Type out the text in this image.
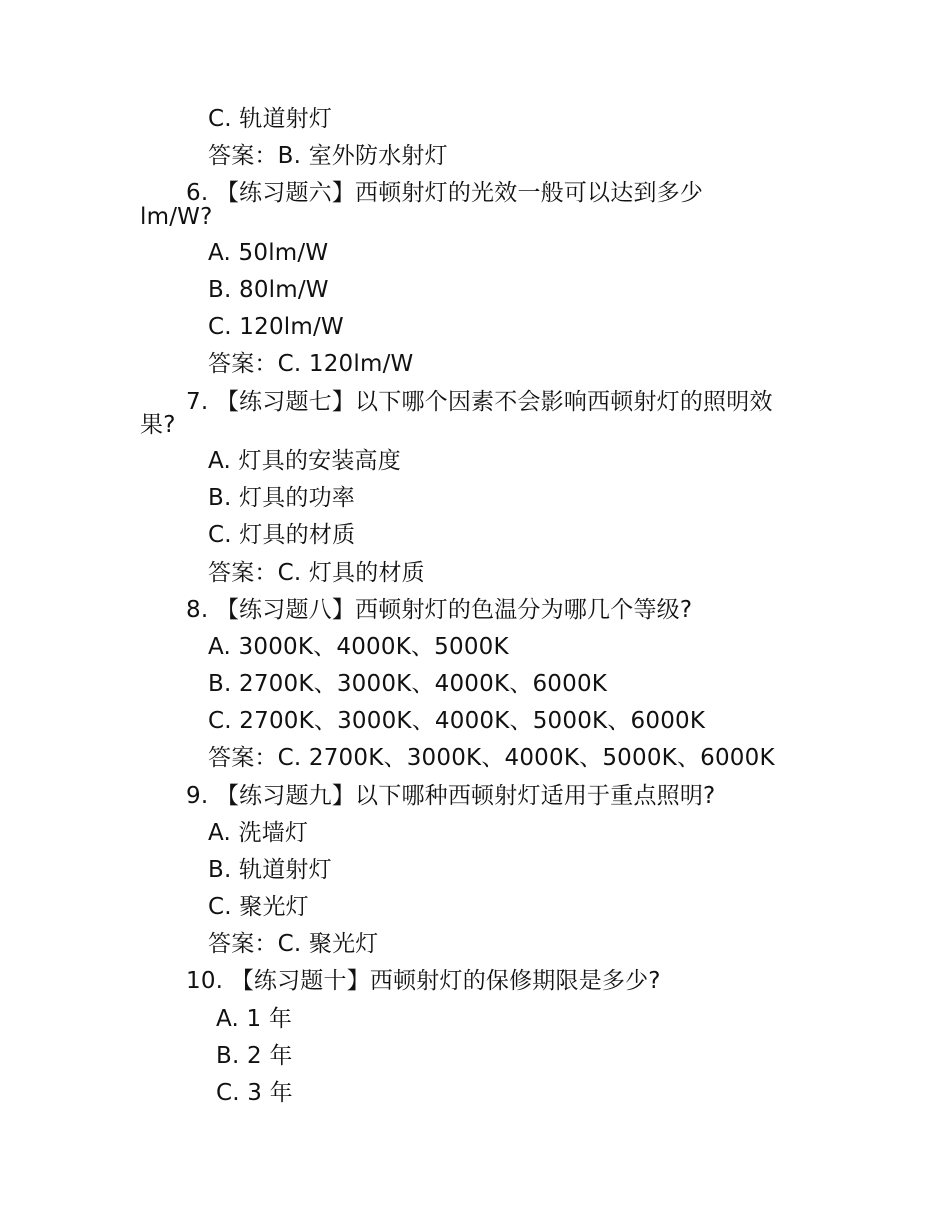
C. 轨道射灯
答案：B. 室外防水射灯
6. 【练习题六】西顿射灯的光效一般可以达到多少
lm/W?
A. 50lm/W
B. 80lm/W
C. 120lm/W
答案：C. 120lm/W
7. 【练习题七】以下哪个因素不会影响西顿射灯的照明效
果?
A. 灯具的安装高度
B. 灯具的功率
C. 灯具的材质
答案：C. 灯具的材质
8. 【练习题八】西顿射灯的色温分为哪几个等级?
A. 3000K、4000K、5000K
B. 2700K、3000K、4000K、6000K
C. 2700K、3000K、4000K、5000K、6000K
答案：C. 2700K、3000K、4000K、5000K、6000K
9. 【练习题九】以下哪种西顿射灯适用于重点照明?
A. 洗墙灯
B. 轨道射灯
C. 聚光灯
答案：C. 聚光灯
10. 【练习题十】西顿射灯的保修期限是多少?
A. 1 年
B. 2 年
C. 3 年
